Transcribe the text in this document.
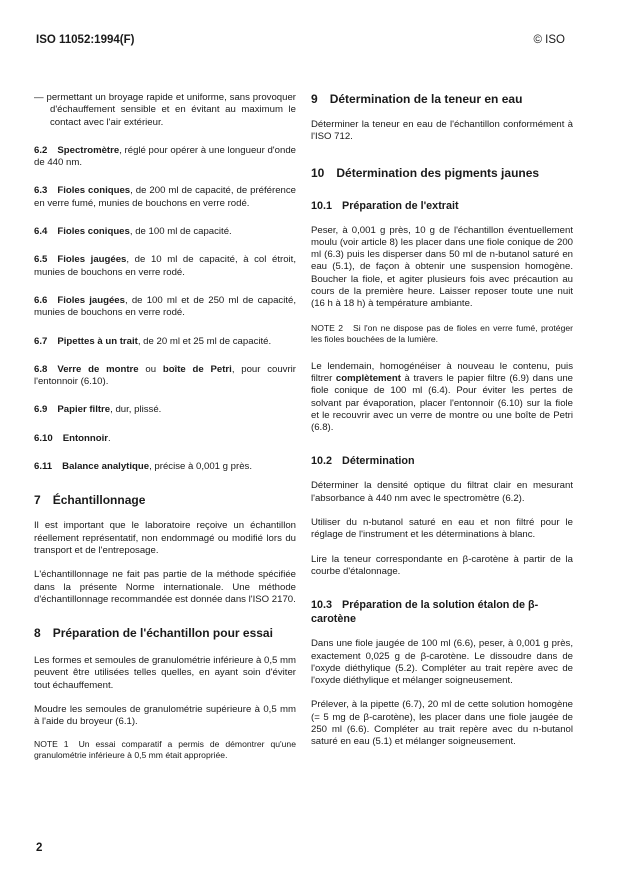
ISO 11052:1994(F)	© ISO

— permettant un broyage rapide et uniforme, sans provoquer d'échauffement sensible et en évitant au maximum le contact avec l'air extérieur.

6.2 Spectromètre, réglé pour opérer à une longueur d'onde de 440 nm.

6.3 Fioles coniques, de 200 ml de capacité, de préférence en verre fumé, munies de bouchons en verre rodé.

6.4 Fioles coniques, de 100 ml de capacité.

6.5 Fioles jaugées, de 10 ml de capacité, à col étroit, munies de bouchons en verre rodé.

6.6 Fioles jaugées, de 100 ml et de 250 ml de capacité, munies de bouchons en verre rodé.

6.7 Pipettes à un trait, de 20 ml et 25 ml de capacité.

6.8 Verre de montre ou boîte de Petri, pour couvrir l'entonnoir (6.10).

6.9 Papier filtre, dur, plissé.

6.10 Entonnoir.

6.11 Balance analytique, précise à 0,001 g près.

7 Échantillonnage

Il est important que le laboratoire reçoive un échantillon réellement représentatif, non endommagé ou modifié lors du transport et de l'entreposage.

L'échantillonnage ne fait pas partie de la méthode spécifiée dans la présente Norme internationale. Une méthode d'échantillonnage recommandée est donnée dans l'ISO 2170.

8 Préparation de l'échantillon pour essai

Les formes et semoules de granulométrie inférieure à 0,5 mm peuvent être utilisées telles quelles, en ayant soin d'éviter tout échauffement.

Moudre les semoules de granulométrie supérieure à 0,5 mm à l'aide du broyeur (6.1).

NOTE 1 Un essai comparatif a permis de démontrer qu'une granulométrie inférieure à 0,5 mm était appropriée.

9 Détermination de la teneur en eau

Déterminer la teneur en eau de l'échantillon conformément à l'ISO 712.

10 Détermination des pigments jaunes
10.1 Préparation de l'extrait

Peser, à 0,001 g près, 10 g de l'échantillon éventuellement moulu (voir article 8) les placer dans une fiole conique de 200 ml (6.3) puis les disperser dans 50 ml de n-butanol saturé en eau (5.1), de façon à obtenir une suspension homogène. Boucher la fiole, et agiter plusieurs fois avec précaution au cours de la première heure. Laisser reposer toute une nuit (16 h à 18 h) à température ambiante.

NOTE 2 Si l'on ne dispose pas de fioles en verre fumé, protéger les fioles bouchées de la lumière.

Le lendemain, homogénéiser à nouveau le contenu, puis filtrer complètement à travers le papier filtre (6.9) dans une fiole conique de 100 ml (6.4). Pour éviter les pertes de solvant par évaporation, placer l'entonnoir (6.10) sur la fiole et le recouvrir avec un verre de montre ou une boîte de Petri (6.8).

10.2 Détermination

Déterminer la densité optique du filtrat clair en mesurant l'absorbance à 440 nm avec le spectromètre (6.2).

Utiliser du n-butanol saturé en eau et non filtré pour le réglage de l'instrument et les déterminations à blanc.

Lire la teneur correspondante en β-carotène à partir de la courbe d'étalonnage.

10.3 Préparation de la solution étalon de β-carotène

Dans une fiole jaugée de 100 ml (6.6), peser, à 0,001 g près, exactement 0,025 g de β-carotène. Le dissoudre dans de l'oxyde diéthylique (5.2). Compléter au trait repère avec de l'oxyde diéthylique et mélanger soigneusement.

Prélever, à la pipette (6.7), 20 ml de cette solution homogène (= 5 mg de β-carotène), les placer dans une fiole jaugée de 250 ml (6.6). Compléter au trait repère avec du n-butanol saturé en eau (5.1) et mélanger soigneusement.

2
